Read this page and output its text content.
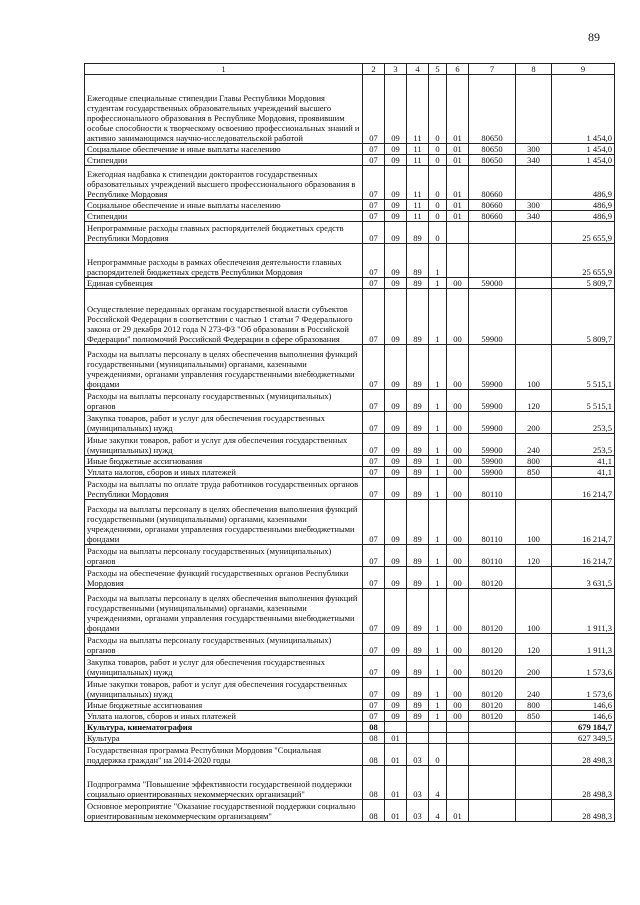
89
1	2	3	4	5	6	7	8	9
Ежегодные специальные стипендии Главы Республики Мордовия студентам государственных образовательных учреждений высшего профессионального образования в Республике Мордовия, проявившим особые способности к творческому освоению профессиональных знаний и активно занимающимся научно-исследовательской работой	07	09	11	0	01	80650		1 454,0
Социальное обеспечение и иные выплаты населению	07	09	11	0	01	80650	300	1 454,0
Стипендии	07	09	11	0	01	80650	340	1 454,0
Ежегодная надбавка к стипендии докторантов государственных образовательных учреждений высшего профессионального образования в Республике Мордовия	07	09	11	0	01	80660		486,9
Социальное обеспечение и иные выплаты населению	07	09	11	0	01	80660	300	486,9
Стипендии	07	09	11	0	01	80660	340	486,9
Непрограммные расходы главных распорядителей бюджетных средств Республики Мордовия	07	09	89	0				25 655,9
Непрограммные расходы в рамках обеспечения деятельности главных распорядителей бюджетных средств Республики Мордовия	07	09	89	1				25 655,9
Единая субвенция	07	09	89	1	00	59000		5 809,7
Осуществление переданных органам государственной власти субъектов Российской Федерации в соответствии с частью 1 статьи 7 Федерального закона от 29 декабря 2012 года N 273-ФЗ "Об образовании в Российской Федерации" полномочий Российской Федерации в сфере образования	07	09	89	1	00	59900		5 809,7
Расходы на выплаты персоналу в целях обеспечения выполнения функций государственными (муниципальными) органами, казенными учреждениями, органами управления государственными внебюджетными фондами	07	09	89	1	00	59900	100	5 515,1
Расходы на выплаты персоналу государственных (муниципальных) органов	07	09	89	1	00	59900	120	5 515,1
Закупка товаров, работ и услуг для обеспечения государственных (муниципальных) нужд	07	09	89	1	00	59900	200	253,5
Иные закупки товаров, работ и услуг для обеспечения государственных (муниципальных) нужд	07	09	89	1	00	59900	240	253,5
Иные бюджетные ассигнования	07	09	89	1	00	59900	800	41,1
Уплата налогов, сборов и иных платежей	07	09	89	1	00	59900	850	41,1
Расходы на выплаты по оплате труда работников государственных органов Республики Мордовия	07	09	89	1	00	80110		16 214,7
Расходы на выплаты персоналу в целях обеспечения выполнения функций государственными (муниципальными) органами, казенными учреждениями, органами управления государственными внебюджетными фондами	07	09	89	1	00	80110	100	16 214,7
Расходы на выплаты персоналу государственных (муниципальных) органов	07	09	89	1	00	80110	120	16 214,7
Расходы на обеспечение функций государственных органов Республики Мордовия	07	09	89	1	00	80120		3 631,5
Расходы на выплаты персоналу в целях обеспечения выполнения функций государственными (муниципальными) органами, казенными учреждениями, органами управления государственными внебюджетными фондами	07	09	89	1	00	80120	100	1 911,3
Расходы на выплаты персоналу государственных (муниципальных) органов	07	09	89	1	00	80120	120	1 911,3
Закупка товаров, работ и услуг для обеспечения государственных (муниципальных) нужд	07	09	89	1	00	80120	200	1 573,6
Иные закупки товаров, работ и услуг для обеспечения государственных (муниципальных) нужд	07	09	89	1	00	80120	240	1 573,6
Иные бюджетные ассигнования	07	09	89	1	00	80120	800	146,6
Уплата налогов, сборов и иных платежей	07	09	89	1	00	80120	850	146,6
Культура, кинематография	08							679 184,7
Культура	08	01						627 349,5
Государственная программа Республики Мордовия "Социальная поддержка граждан" на 2014-2020 годы	08	01	03	0				28 498,3
Подпрограмма "Повышение эффективности государственной поддержки социально ориентированных некоммерческих организаций"	08	01	03	4				28 498,3
Основное мероприятие "Оказание государственной поддержки социально ориентированным некоммерческим организациям"	08	01	03	4	01			28 498,3
